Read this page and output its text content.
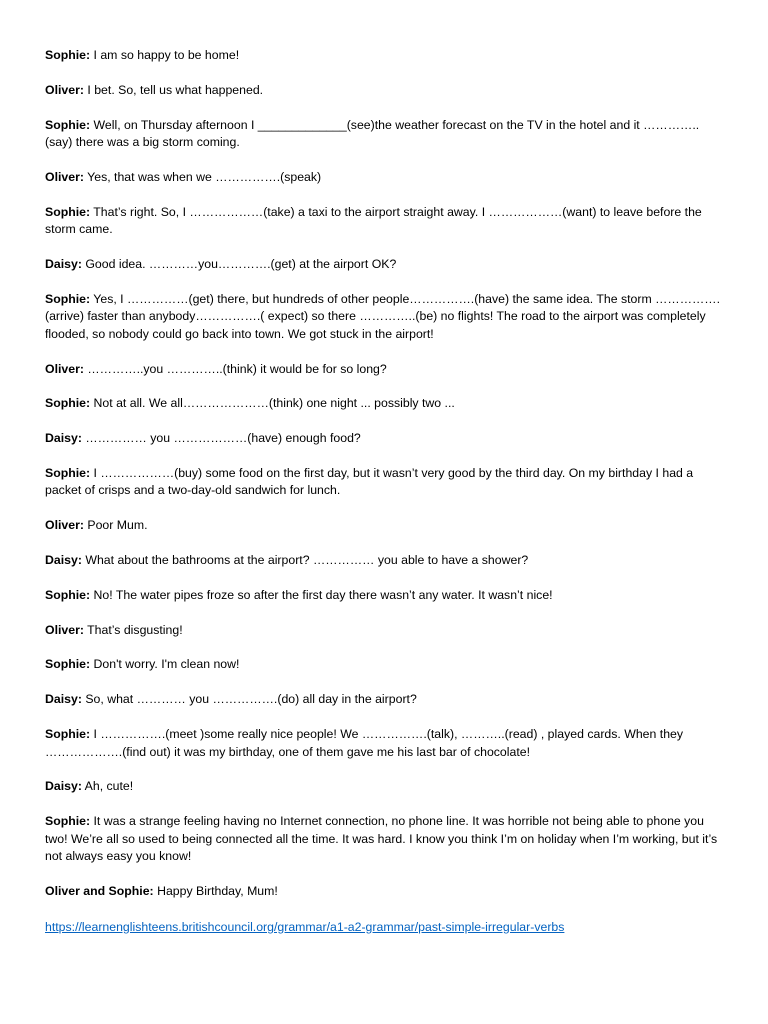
Sophie: I am so happy to be home!

Oliver: I bet. So, tell us what happened.

Sophie: Well, on Thursday afternoon I _____________(see)the weather forecast on the TV in the hotel and it ………….. (say) there was a big storm coming.

Oliver: Yes, that was when we …………….(speak)

Sophie: That’s right. So, I ………………(take) a taxi to the airport straight away. I ………………(want) to leave before the storm came.

Daisy: Good idea. …………you………….(get) at the airport OK?

Sophie: Yes, I ……………(get) there, but hundreds of other people…………….(have) the same idea. The storm ……………. (arrive) faster than anybody…………….( expect) so there …………..(be) no flights! The road to the airport was completely flooded, so nobody could go back into town. We got stuck in the airport!

Oliver: …………..you …………..(think) it would be for so long?

Sophie: Not at all. We all…………………(think) one night ... possibly two ...

Daisy: …………… you ………………(have) enough food?

Sophie: I ………………(buy) some food on the first day, but it wasn’t very good by the third day. On my birthday I had a packet of crisps and a two-day-old sandwich for lunch.

Oliver: Poor Mum.

Daisy: What about the bathrooms at the airport? …………… you able to have a shower?

Sophie: No! The water pipes froze so after the first day there wasn’t any water. It wasn’t nice!

Oliver: That’s disgusting!

Sophie: Don't worry. I'm clean now!

Daisy: So, what ………… you …………….(do) all day in the airport?

Sophie: I …………….(meet )some really nice people! We …………….(talk), ………..(read) , played cards. When they ……………….(find out) it was my birthday, one of them gave me his last bar of chocolate!

Daisy: Ah, cute!

Sophie: It was a strange feeling having no Internet connection, no phone line. It was horrible not being able to phone you two! We’re all so used to being connected all the time. It was hard. I know you think I’m on holiday when I’m working, but it’s not always easy you know!

Oliver and Sophie: Happy Birthday, Mum!

https://learnenglishteens.britishcouncil.org/grammar/a1-a2-grammar/past-simple-irregular-verbs
